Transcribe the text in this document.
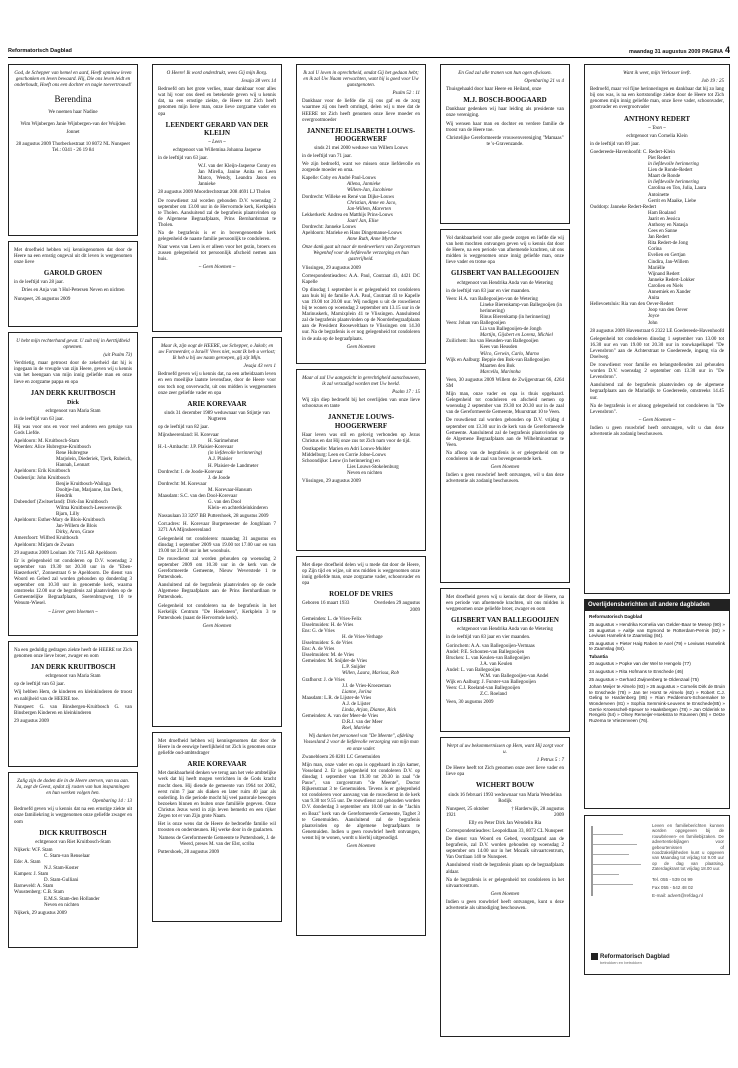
Reformatorisch Dagblad	maandag 31 augustus 2009 PAGINA 4

God, de Schepper van hemel en aard, Heeft opnieuw leven geschonken en leven bewaard. Hij, Die ons leven leidt en onderhoudt, Hoeft ons een dochter en nagie toevertrouwd!

Berendina

We noemen haar Nadine

Wim Wijnbergen Janie Wijnbergen-van der Wuijden

Jonnet

28 augustus 2009 Thorbeckestraat 10 8072 NL Nunspeet Tel.: 0341 - 26 19 84

Met droefheid hebben wij kennisgenomen dat door de Heere na een ernstig ongeval uit dit leven is weggenomen onze lieve

GAROLD GROEN

in de leeftijd van 28 jaar.

Dries en Anja van 't Hul-Petersen Neven en nichten

Nunspeet, 26 augustus 2009

U hebt mijn rechterhand gevat. U zult mij in Aerttijdheid opnemen.

(uit Psalm 73)

Verdrietig, maar getroost door de zekerheid dat hij is ingegaan in de vreugde van zijn Heere, geven wij u kennis van het heengaan van mijn innig geliefde man en onze lieve en zorgzame pappa en opa

JAN DERK KRUITBOSCH
Dick

echtgenoot van Maria Stam

in de leeftijd van 63 jaar.

Hij was voor ons en voor veel anderen een getuige van Gods Liefde.

Apeldoorn: M. Kruitbosch-Stam
Woerden: Alice Hubregtse-Kruitbosch
Rene Hubregtse
Marjolein, Diederiek, Tjerk, Rubeich, Hannah, Lennart
Apeldoorn: Erik Kruitbosch
Oudenrijn: John Kruitbosch
Benjie Kruitbosch-Walinga
Dooltje-Jan, Marjanne, Jan Derk, Hendrik
Dubendorf (Zwitserland): Dirk-Jan Kruitbosch
Wilma Kruitbosch-Leeuwenwijk
Bjarn, Lilly
Apeldoorn: Esther-Mary de Blois-Kruitbosch
Jan-Willem de Blois
Dirky, Aron, Grace
Amersfoort: Wilfred Kruitbosch
Apeldoorn: Mirjam de Zwaan

29 augustus 2009 Loolaan 10c 7315 AB Apeldoorn

Er is gelegenheid tot condoleren op D.V. woensdag 2 september van 19.30 tot 20.30 uur in de "Eben-Haezerkerk", Zonnestraat 6 te Apeldoorn. De dienst van Woord en Gebed zal worden gehouden op donderdag 3 september om 10.30 uur in genoemde kerk, waarna omstreeks 12.00 uur de begrafenis zal plaatsvinden op de Gemeentelijke Begraafplaats, Soerenbrugweg 10 te Wenum-Wiesel.

~ Liever geen bloemen ~

Na een geduldig gedragen ziekte heeft de HEERE tot Zich genomen onze lieve broer, zwager en oom

JAN DERK KRUITBOSCH

echtgenoot van Maria Stam

op de leeftijd van 63 jaar.

Wij hebben Hem, de kinderen en kleinkinderen de troost en nabijheid van de HEERE toe.

Nunspeet: G. van Binsbergen-Kruitbosch G. van Binsbergen Kinderen en kleinkinderen

29 augustus 2009

Zalig zijn de doden die in de Heere sterven, van nu aan. Ja, zegt de Geest, opdat zij rusten van hun inspanningen en hun werken volgen hen.

Openbaring 14 : 13

Bedroefd geven wij u kennis dat na een ernstige ziekte uit onze familiekring is weggenomen onze geliefde zwager en oom

DICK KRUITBOSCH

echtgenoot van Riet Kruitbosch-Stam

Nijkerk: W.F. Stam
C. Stam-van Renselaar
Ede: A. Stam
N.J. Stam-Koster
Kampen: J. Stam
D. Stam-Gulliani
Barneveld: A. Stam
Wuustenberg: C.B. Stam
E.M.S. Stam-den Hollander
Neven en nichten

Nijkerk, 29 augustus 2009

O Heere! Ik word onderdrukt, wees Gij mijn Borg.

Jesaja 38 vers 14

Bedroefd om het grote verlies, maar dankbaar voor alles wat hij voor ons deed en betekende geven wij u kennis dat, na een ernstige ziekte, de Heere tot Zich heeft genomen mijn lieve man, onze lieve zorgzame vader en opa

LEENDERT GERARD VAN DER KLEIJN

~ Leen ~

echtgenoot van Willemina Johanna Jasperse

in de leeftijd van 63 jaar.

W.J. van der Kleijn-Jasperse Conny en Jan Mirella, Janine Anita en Leen Marco, Wendy, Leandra Jason en Jannieke

28 augustus 2009 Moordrechtstraat 208 4691 LJ Tholen

De rouwdienst zal worden gehouden D.V. woensdag 2 september om 13.00 uur in de Hervormde kerk, Kerkplein te Tholen. Aansluitend zal de begrafenis plaatsvinden op de Algemene Begraafplaats, Prins Bernhardstraat te Tholen.

Na de begrafenis is er in bovengenoemde kerk gelegenheid de naaste familie persoonlijk te condoleren.

Naar wens van Leen is er alleen voor het gezin, broers en zussen gelegenheid tot persoonlijk afscheid nemen aan huis.

~ Geen bloemen ~

Maar ik, zijn oogt de HEERE, uw Schepper, o Jakob; en uw Formeerder, o Israël! Vrees niet, want Ik heb u verlost; Ik heb u bij uw naam geroepen, gij zijt Mijn.

Jesaja 43 vers 1

Bedroefd geven wij u kennis dat, na een arbeidzaam leven en een moeilijke laatste levensfase, door de Heere voor ons toch nog onverwacht, uit ons midden is weggenomen onze zeer geliefde vader en opa

ARIE KOREVAAR

sinds 31 december 1989 weduwnaar van Stijntje van Nugteren

op de leeftijd van 82 jaar.

Mijnsheerenland: H. Korevaar
H. Sarimehmet
H.-I.-Ambacht: J.P. Plaisier-Korevaar
(in liefdevolle herinnering)
A.J. Plaisier
H. Plaisier-de Landmeter
Dordrecht: I. de Joode-Korevaar
J. de Joode
Dordrecht: M. Korevaar
M. Korevaar-Hansum
Maasdam: S.C. van den Dool-Korevaar
G. van den Dool
Klein- en achterkleinkinderen

Nassaulaan 33 3297 BB Puttershoek, 28 augustus 2009

Corr.adres: H. Korevaar Burgemeester de Jonghlaan 7 3271 AA Mijnsheerenland

Gelegenheid tot condoleren: maandag 31 augustus en dinsdag 1 september 2009 van 19.00 tot 17.00 uur en van 19.00 tot 21.00 uur in het woonhuis.

De rouwdienst zal worden gehouden op woensdag 2 september 2009 om 10.30 uur in de kerk van de Gereformeerde Gemeente, Nieuw Weverstede 1 te Puttershoek.

Aansluitend zal de begrafenis plaatsvinden op de oude Algemene Begraafplaats aan de Prins Bernhardlaan te Puttershoek.

Gelegenheid tot condoleren na de begrafenis in het Kerkelijk Centrum "De Hoeksteen", Kerkplein 3 te Puttershoek (naast de Hervormde kerk).

Geen bloemen

Met droefheid hebben wij kennisgenomen dat door de Heere in de eeuwige heerlijkheid tot Zich is genomen onze geliefde oud-ambtsdrager

ARIE KOREVAAR

Met dankbaarheid denken we terug aan het vele ambtelijke werk dat hij heeft mogen verrichten in de Gods kracht mocht doen. Hij diende de gemeente van 1964 tot 2002, eerst ruim 7 jaar als diaken en later ruim 40 jaar als ouderling. In die periode mocht hij veel pastorale bewogen bezoeken binnen en buiten onze familiële gegeven. Onze Christus Jezus werd in zijn leven bemerkt en een rijker Zegen tot er van Zijn grote Naam.

Het is onze wens dat de Heere de bedroefde familie wil troosten en ondersteunen. Hij werke door in de gaalacten.

Namens de Gereformeerde Gemeente te Puttershoek, J. de Weerd, preses M. van der Elst, scriba

Puttershoek, 28 augustus 2009

Ik zal U loven in oprechtheid, omdat Gij het gedaan hebt; en ik zal Uw Naam verwachten, want hij is goed voor Uw gunstgenoten.

Psalm 52 : 11

Dankbaar voor de liefde die zij ons gaf en de zorg waarmee zij ons heeft omringd, delen wij u mee dat de HEERE tot Zich heeft genomen onze lieve moeder en overgrootmoeder

JANNETJE ELISABETH LOUWS-HOOGERWERF

sinds 21 mei 2000 weduwe van Willem Louws

in de leeftijd van 71 jaar.

We zijn bedroefd, want we missen onze liefdevolle en zorgende moeder en oma.

Kapelle: Coby en André Paul-Louws
Allena, Jannieke
Willem-Jan, Jacobiene
Dordrecht: Willeke en René van Dijke-Louws
Christian, Anne en Jaco,
Jan-Willem, Marerten
Lekkerkerk: Andrea en Matthijs Prins-Louws
Jaarl Jan, Elise
Dordrecht: Jannekе Louws
Apeldoorn: Marieke en Hans Dingemanse-Louws
Anne Ruth, Anne Myrthe

Onze dank gaat uit naar de medewerkers van Zorgcentrum Wegenhof voor de liefdevolle verzorging en hun gastvrijheid.

Vlissingen, 29 augustus 2009

Correspondentieadres: A.A. Paul, Coutraat 43, 4421 DC Kapelle

Op dinsdag 1 september is er gelegenheid tot condoleren aan huis bij de familie A.A. Paul, Coutraat 43 te Kapelle van 19.00 tot 20.00 uur. Wij nodigen u uit de rouwdienst bij te wonen op woensdag 2 september om 13.15 uur in de Marinuskerk, Marnixplein 41 te Vlissingen. Aansluitend zal de begrafenis plaatsvinden op de Noorderbegraafplaats aan de President Rooseveltlaan te Vlissingen om 14.30 uur. Na de begrafenis is er nog gelegenheid tot condoleren in de aula op de begraafplaats.

Geen bloemen

Maar al zal Uw aangezicht in gerechtigheid aanschouwen, ik zal verzadigd worden met Uw beeld.

Psalm 17 : 15

Wij zijn diep bedroefd bij het overlijden van onze lieve schoonzus en tante

JANNETJE LOUWS-HOOGERWERF

Haar leven was stil en gelovig verbonden op Jezus Christus en dat Hij onze zus tot Zich nam voor de tijd.

Oostkapelle: Marien en Adri Louws-Mulder
Middelburg: Leen en Corrie Jobse-Louws
Schoondijke: Leuw (in herinnering) en
Lies Louws-Stokelenburg
Neven en nichten

Vlissingen, 29 augustus 2009

Met diepe droefheid delen wij u mede dat door de Heere, op Zijn tijd en wijze, uit ons midden is weggenomen onze innig geliefde man, onze zorgzame vader, schoonvader en opa

ROELOF DE VRIES
Geboren 16 maart 1933	Overleden 29 augustus 2009
Gemeinden: L. de Vries-Felix
IJsselmuiden: H. de Vries
Ens: G. de Vries
H. de Vries-Verhage
IJsselmuiden: S. de Vries
Ens: A. de Vries
IJsselmuiden: M. de Vries
Gemeinden: M. Snijder-de Vries
L.P. Snijder
Willen, Laura, Marissa, Rob
Grafhorst: J. de Vries
J.J. de Vries-Kroezeman
Lianne, Jorina
Maasdam: L.R. de Lijster-de Vries
A.J. de Lijster
Linda, Arjan, Dianne, Rick
Gemeinden: A. van der Meer-de Vries
D.R.J. van der Meer
Roel, Marieke

Wij danken het personeel van "De Meente", afdeling Vossesland 2 voor de liefdevolle verzorging van mijn man en onze vader.

Zwanebloem 26 8281 LC Genemuiden

Mijn man, onze vader en opa is opgebaard in zijn kamer, Vosseland 2. Er is gelegenheid tot condoleren D.V. op dinsdag 1 september van 19.30 tot 20.30 in zaal "de Pauw", van zorgcentrum "de Meente", Doctor Rijkersstraat 3 te Genemuiden. Tevens is er gelegenheid tot condoleren voor aanvang van de rouwdienst in de kerk van 9.30 tot 9.55 uur. De rouwdienst zal gehouden worden D.V. donderdag 3 september om 10.00 uur in de "Jachin en Boaz" kerk van de Gereformeerde Gemeente, Tagbet 3 te Genemuiden. Aansluitend zal de begrafenis plaatsvinden op de algemene begraafplaats te Genemuiden. Indien u geen rouwbrief heeft ontvangen, wenst bij te wonen, wordt u hierbij uitgenodigd.

Geen bloemen

En God zal alle tranen van hun ogen afwissen.

Openbaring 21 vs 4

Thuisgehaald door haar Heere en Heiland, onze

M.J. BOSCH-BOOGAARD

Dankbaar gedenken wij haar leiding als presidente van onze vereniging.

Wij wensen haar man en dochter en verdere familie de troost van de Heere toe.

Christelijke Gereformeerde vrouwenvereniging "Mamaas" te 's-Gravenzande.

Vol dankbaarheid voor alle goede zorgen en liefde die wij van hem mochten ontvangen geven wij u kennis dat door de Heere, na een periode van afnemende krachten, uit ons midden is weggenomen onze innig geliefde man, onze lieve vader en trotse opa

GIJSBERT VAN BALLEGOOIJEN

echtgenoot van Hendrika Anda van de Wetering

in de leeftijd van 83 jaar en vier maanden.

Veen: H.A. van Ballegooijen-van de Wetering
Lineke Bierenkamp-van Ballegooijen (in herinnering)
Rinus Bierenkamp (in herinnering)
Veen: Johan van Ballegooijen
Lia van Ballegooijen-de Jongh
Martijn, Gijsbert en Lorenz, Michiel
Zuilichem: Ina van Heusden-van Ballegooijen
Kees van Heusden
Wilco, Gerwin, Carlo, Marno
Wijk en Aalburg: Beppie den Bok-van Ballegooijen
Maarten den Bok
Marcella, Marinnha

Veen, 30 augustus 2009 Willem de Zwijgerstraat 66, 4264 SM

Mijn man, onze vader en opa is thuis opgebaard. Gelegenheid tot condoleren en afscheid nemen op woensdag 2 september van 19.30 tot 20.30 uur in de zaal van de Gereformeerde Gemeente, Muurstraat 10 te Veen.

De rouwdienst zal worden gehouden op D.V. vrijdag 4 september om 13.30 uur in de kerk van de Gereformeerde Gemeente. Aansluitend zal de begrafenis plaatsvinden op de Algemene Begraafplaats aan de Wilhelminastraat te Veen.

Na afloop van de begrafenis is er gelegenheid om te condoleren in de zaal van bovengenoemde kerk.

Geen bloemen

Indien u geen rouwbrief heeft ontvangen, wil u dan deze advertentie als zodanig beschouwen.

Met droefheid geven wij u kennis dat door de Heere, na een periode van afnemende krachten, uit ons midden is weggenomen onze geliefde broer, zwager en oom

GIJSBERT VAN BALLEGOOIJEN

echtgenoot van Hendrika Anda van de Wetering

in de leeftijd van 83 jaar en vier maanden.

Gorinchem: A.A. van Ballegooijen-Vermaas
Andel: P.E. Schouten-van Ballegooijen
Brucken: L. van Keulen-van Ballegooijen
J.A. van Keulen
Andel: L. van Ballegooijen
W.M. van Ballegooijen-van Andel
Wijk en Aalburg: J. Furster-van Ballegooijen
Veen: C.J. Roeland-van Ballegooijen
Z.C. Roeland

Veen, 30 augustus 2009

Werpt al uw bekommernissen op Hem, want Hij zorgt voor u.

1 Petrus 5 : 7

De Heere heeft tot Zich genomen onze zeer lieve vader en lieve opa

WICHERT BOUW

sinds 16 februari 1993 weduwnaar van Maria Wendelina Rodijk

Nunspeet, 25 oktober 1921
† Harderwijk, 28 augustus 2009

Elly en Peter Dirk Jan Wendelin Ria

Correspondentieadres: Leopoldlaan 33, 8072 CL Nunspeet

De dienst van Woord en Gebed, voorafgaand aan de begrafenis, zal D.V. worden gehouden op woensdag 2 september om 14.00 uur in het Mozaïk uitvaartcentrum, Van Oortlaan 140 te Nunspeet.

Aansluitend vindt de begrafenis plaats op de begraafplaats aldaar.

Na de begrafenis is er gelegenheid tot condoleren in het uitvaartcentrum.

Geen bloemen

Indien u geen rouwbrief heeft ontvangen, kunt u deze advertentie als uitnodiging beschouwen.

Want ik weet, mijn Verlosser leeft.

Job 19 : 25

Bedroefd, maar vol fijne herinneringen en dankbaar dat hij zo lang bij ons was, is na een kortstondige ziekte door de Heere tot Zich genomen mijn innig geliefde man, onze lieve vader, schoonvader, grootvader en overgrootvader

ANTHONY REDERT

~ Toon ~

echtgenoot van Cornelia Klein

in de leeftijd van 89 jaar.

Goedereede-Havenhoofd: C. Redert-Klein
Piet Redert
in liefdevolle herinnering
Lien de Ronde-Redert
Maart de Ronde
in liefdevolle herinnering
Carolina en Ton, Julia, Laura
Antoinette
Gerrit en Maaike, Liebe
Ouddorp: Janneke Redert-Redert
Ham Boaland
Jaarit en Jessica
Anthony en Natasja
Cees en Sanne
Jan Redert
Rita Redert-de Jong
Corina
Evelien en Gertjan
Cindira, Jan-Willem
Mariëlle
Wijnand Redert
Janneke Redert-Lokker
Carolien en Niels
Annemiek en Xander
Anita
Hellevoetsluis: Ria van den Oever-Redert
Joop van den Oever
Joyce
John

28 augustus 2009 Havenstraat 6 2322 LE Goedereede-Havenhoofd

Gelegenheid tot condoleren dinsdag 1 september van 13.00 tot 16.30 uur en van 19.00 tot 20.30 uur in rouwkapelkapel "De Levensbron" aan de Achterstraat te Goedereede, ingang via de Doelweg.

De rouwdienst voor familie en belangstellenden zal gehouden worden D.V. woensdag 2 september om 13.30 uur in "De Levensbron".

Aansluitend zal de begrafenis plaatsvinden op de algemene begraafplaats aan de Mariadijk te Goedereede, omstreeks 14.45 uur.

Na de begrafenis is er alsnog gelegenheid tot condoleren in "De Levensbron".

~ Geen bloemen ~

Indien u geen rouwbrief heeft ontvangen, wilt u dan deze advertentie als zodanig beschouwen.

Overlijdensberichten uit andere dagbladen
Reformatorisch Dagblad

25 augustus » Hendrika Kornelia van Gelder-Baar te Mesep (90) » 26 augustus » Aaltje van Egmond te Rotterdam-Pernis (82) » Leviwas Hamelink te Zaamslag (84).

25 augustus » Pieter Haig Raben te Axel (79) » Leviwas Hamelink te Zaamslag (84).

Tubantia

20 augustus » Popke van der Wel te Hengelo (77)

24 augustus » Rita Hofmans te Enschede (46)

25 augustus » Gerhard Zwijnenberg te Oldenzaal (75)

Johan Meijer te Almelo (93) » 26 augustus » Cornelis Dirk de Bruin te Enschede (78) » Jan ter Horst te Almelo (62) » Robert C.J. Geling te Hardenberg (85) » Rian Peddemors-Schoemaker te Wonderveen (81) » Sophia Semmink-Leuvens te Enschede(85) » Gerrie Kroesschell-Speuer te Haaksbergen (78) » Jan Olderink te Rengelo (54) » Olney Remeijer-Hoekstra te Rouveen (65) » Oetze Ruzema te Vriezenveen (76).

Leven en familieberichten kunnen worden opgegeven bij de rouwbrieven- en familiebijzaken. De advertentiebijlagen voor gebeurtenissen of noodzakelijkheden kunt u opgeven van Maandag tot vrijdag tot 9.00 uur op de dag van plaatsing. Zaterdagkrant tot vrijdag 18.00 uur.

Tel. 055 - 539 04 99

Fax 055 - 542 48 02

E-mail: advert@refdag.nl

Reformatorisch Dagblad
betrokken en betrokken
